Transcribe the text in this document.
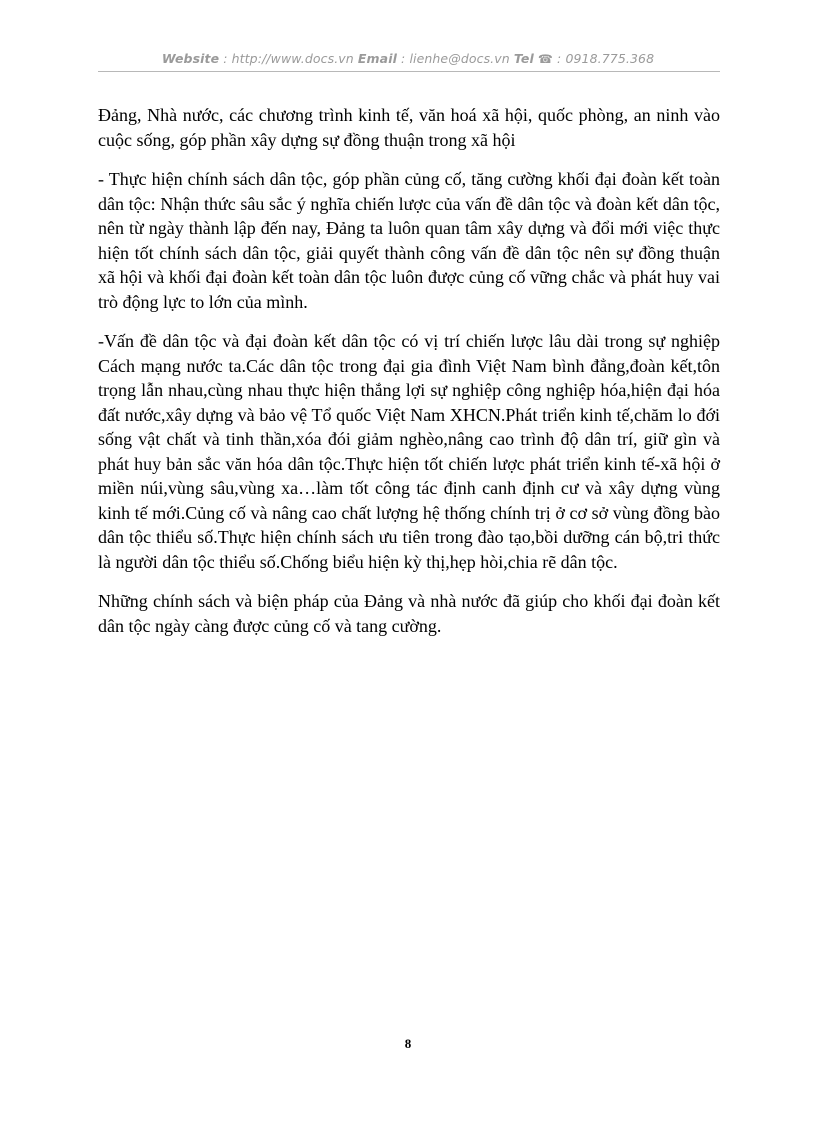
Website : http://www.docs.vn Email : lienhe@docs.vn Tel ☎ : 0918.775.368

Đảng, Nhà nước, các chương trình kinh tế, văn hoá xã hội, quốc phòng, an ninh vào cuộc sống, góp phần xây dựng sự đồng thuận trong xã hội

- Thực hiện chính sách dân tộc, góp phần củng cố, tăng cường khối đại đoàn kết toàn dân tộc: Nhận thức sâu sắc ý nghĩa chiến lược của vấn đề dân tộc và đoàn kết dân tộc, nên từ ngày thành lập đến nay, Đảng ta luôn quan tâm xây dựng và đổi mới việc thực hiện tốt chính sách dân tộc, giải quyết thành công vấn đề dân tộc nên sự đồng thuận xã hội và khối đại đoàn kết toàn dân tộc luôn được củng cố vững chắc và phát huy vai trò động lực to lớn của mình.

-Vấn đề dân tộc và đại đoàn kết dân tộc có vị trí chiến lược lâu dài trong sự nghiệp Cách mạng nước ta.Các dân tộc trong đại gia đình Việt Nam bình đẳng,đoàn kết,tôn trọng lẫn nhau,cùng nhau thực hiện thắng lợi sự nghiệp công nghiệp hóa,hiện đại hóa đất nước,xây dựng và bảo vệ Tổ quốc Việt Nam XHCN.Phát triển kinh tế,chăm lo đới sống vật chất và tinh thần,xóa đói giảm nghèo,nâng cao trình độ dân trí, giữ gìn và phát huy bản sắc văn hóa dân tộc.Thực hiện tốt chiến lược phát triển kinh tế-xã hội ở miền núi,vùng sâu,vùng xa…làm tốt công tác định canh định cư và xây dựng vùng kinh tế mới.Củng cố và nâng cao chất lượng hệ thống chính trị ở cơ sở vùng đồng bào dân tộc thiểu số.Thực hiện chính sách ưu tiên trong đào tạo,bồi dưỡng cán bộ,tri thức là người dân tộc thiểu số.Chống biểu hiện kỳ thị,hẹp hòi,chia rẽ dân tộc.

Những chính sách và biện pháp của Đảng và nhà nước đã giúp cho khối đại đoàn kết dân tộc ngày càng được củng cố và tang cường.

8
